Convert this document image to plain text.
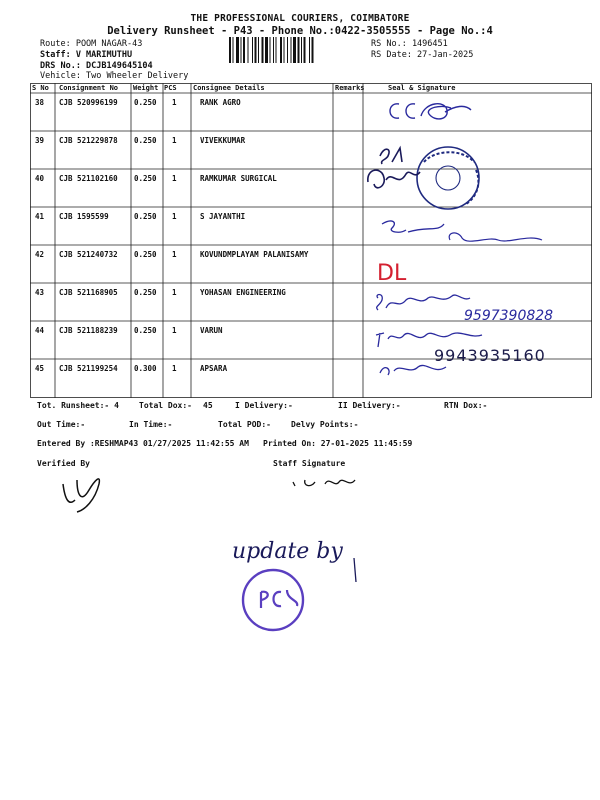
THE PROFESSIONAL COURIERS, COIMBATORE
Delivery Runsheet - P43 - Phone No.:0422-3505555 - Page No.:4
Route: POOM NAGAR-43
Staff: V MARIMUTHU
DRS No.: DCJB149645104
Vehicle: Two Wheeler Delivery
RS No.: 1496451
RS Date: 27-Jan-2025
S No Consignment No Weight PCS Consignee Details	Remarks	Seal & Signature
38 CJB 520996199 0.250 1	RANK AGRO
39 CJB 521229878 0.250 1	VIVEKKUMAR
40 CJB 521102160 0.250 1	RAMKUMAR SURGICAL
41 CJB 1595599	0.250 1	S JAYANTHI
42 CJB 521240732 0.250 1	KOVUNDMPLAYAM PALANISAMY
43 CJB 521168905 0.250 1	YOHASAN ENGINEERING
44 CJB 521188239 0.250 1	VARUN
45 CJB 521199254 0.300 1	APSARA
Tot. Runsheet:- 4	Total Dox:- 45	I Delivery:-	II Delivery:-	RTN Dox:-
Out Time:-	In Time:-	Total POD:-	Delvy Points:-
Entered By :RESHMAP43 01/27/2025 11:42:55 AM Printed On: 27-01-2025 11:45:59
Verified By	Staff Signature
DL
9597390828
9943935160
update by
